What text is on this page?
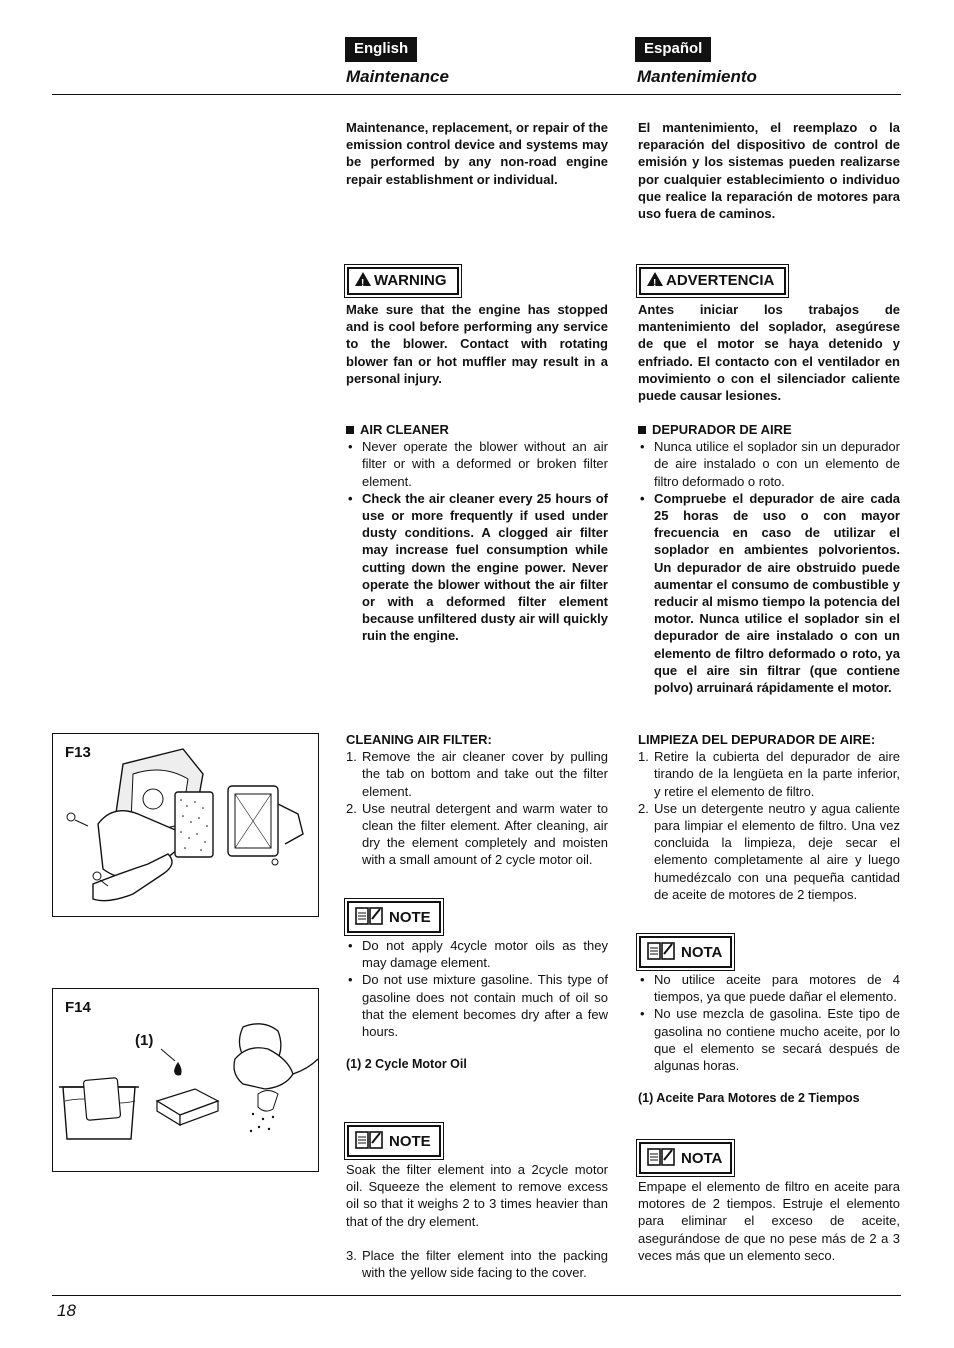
English	Español
Maintenance	Mantenimiento

Maintenance, replacement, or repair of the emission control device and systems may be performed by any non-road engine repair establishment or individual.

El mantenimiento, el reemplazo o la reparación del dispositivo de control de emisión y los sistemas pueden realizarse por cualquier establecimiento o individuo que realice la reparación de motores para uso fuera de caminos.

!WARNING

Make sure that the engine has stopped and is cool before performing any service to the blower. Contact with rotating blower fan or hot muffler may result in a personal injury.

!ADVERTENCIA

Antes iniciar los trabajos de mantenimiento del soplador, asegúrese de que el motor se haya detenido y enfriado. El contacto con el ventilador en movimiento o con el silenciador caliente puede causar lesiones.

AIR CLEANER
• Never operate the blower without an air filter or with a deformed or broken filter element.
• Check the air cleaner every 25 hours of use or more frequently if used under dusty conditions. A clogged air filter may increase fuel consumption while cutting down the engine power. Never operate the blower without the air filter or with a deformed filter element because unfiltered dusty air will quickly ruin the engine.
DEPURADOR DE AIRE
• Nunca utilice el soplador sin un depurador de aire instalado o con un elemento de filtro deformado o roto.
• Compruebe el depurador de aire cada 25 horas de uso o con mayor frecuencia en caso de utilizar el soplador en ambientes polvorientos. Un depurador de aire obstruido puede aumentar el consumo de combustible y reducir al mismo tiempo la potencia del motor. Nunca utilice el soplador sin el depurador de aire instalado o con un elemento de filtro deformado o roto, ya que el aire sin filtrar (que contiene polvo) arruinará rápidamente el motor.
CLEANING AIR FILTER:
1. Remove the air cleaner cover by pulling the tab on bottom and take out the filter element.
2. Use neutral detergent and warm water to clean the filter element. After cleaning, air dry the element completely and moisten with a small amount of 2 cycle motor oil.
LIMPIEZA DEL DEPURADOR DE AIRE:
1. Retire la cubierta del depurador de aire tirando de la lengüeta en la parte inferior, y retire el elemento de filtro.
2. Use un detergente neutro y agua caliente para limpiar el elemento de filtro. Una vez concluida la limpieza, deje secar el elemento completamente al aire y luego humedézcalo con una pequeña cantidad de aceite de motores de 2 tiempos.
NOTE
• Do not apply 4cycle motor oils as they may damage element.
• Do not use mixture gasoline. This type of gasoline does not contain much of oil so that the element becomes dry after a few hours.
(1) 2 Cycle Motor Oil
NOTA
• No utilice aceite para motores de 4 tiempos, ya que puede dañar el elemento.
• No use mezcla de gasolina. Este tipo de gasolina no contiene mucho aceite, por lo que el elemento se secará después de algunas horas.
(1) Aceite Para Motores de 2 Tiempos
NOTE

Soak the filter element into a 2cycle motor oil. Squeeze the element to remove excess oil so that it weighs 2 to 3 times heavier than that of the dry element.

3. Place the filter element into the packing with the yellow side facing to the cover.
NOTA

Empape el elemento de filtro en aceite para motores de 2 tiempos. Estruje el elemento para eliminar el exceso de aceite, asegurándose de que no pese más de 2 a 3 veces más que un elemento seco.

F13
F14
(1)
18
